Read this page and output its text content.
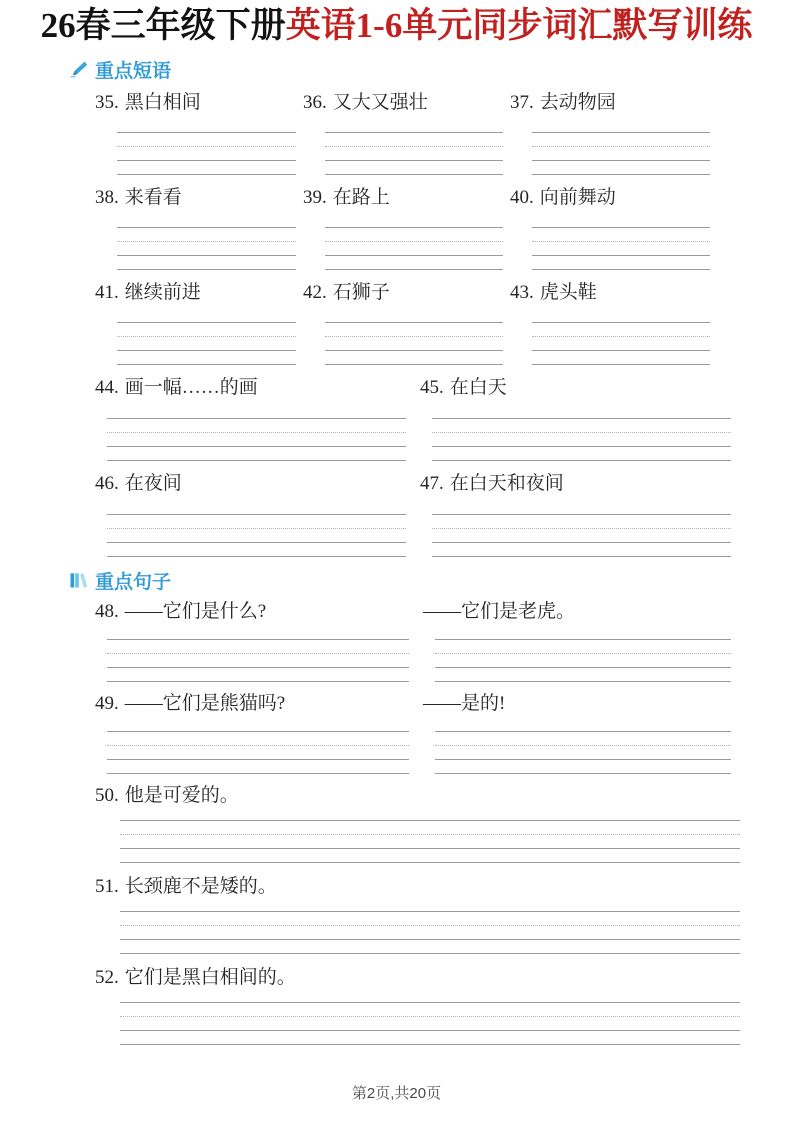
26春三年级下册英语1-6单元同步词汇默写训练
重点短语
35. 黑白相间	36. 又大又强壮	37. 去动物园
38. 来看看	39. 在路上	40. 向前舞动
41. 继续前进	42. 石狮子	43. 虎头鞋
44. 画一幅……的画	45. 在白天
46. 在夜间	47. 在白天和夜间
重点句子
48. ——它们是什么?	——它们是老虎。
49. ——它们是熊猫吗?	——是的!
50. 他是可爱的。
51. 长颈鹿不是矮的。
52. 它们是黑白相间的。
第2页,共20页
